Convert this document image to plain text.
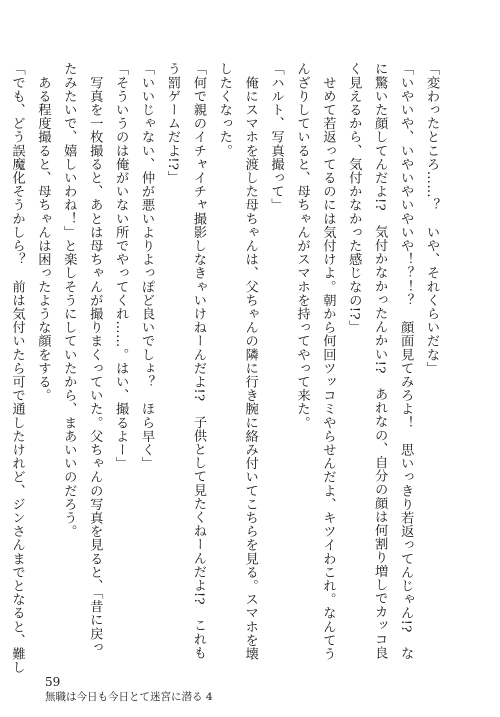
「変わったところ……？　いや、それくらいだな」
「いやいや、いやいやいやいや！？！？　顔面見てみろよ！　思いっきり若返ってんじゃん!?　な
に驚いた顔してんだよ!?　気付かなかったんかい!?　あれなの、自分の顔は何割り増しでカッコ良
く見えるから、気付かなかった感じなの!?」
　せめて若返ってるのには気付けよ。朝から何回ツッコミやらせんだよ、キツイわこれ。なんてう
んざりしていると、母ちゃんがスマホを持ってやって来た。
「ハルト、写真撮って」
　俺にスマホを渡した母ちゃんは、父ちゃんの隣に行き腕に絡み付いてこちらを見る。スマホを壊
したくなった。
「何で親のイチャイチャ撮影しなきゃいけねーんだよ!?　子供として見たくねーんだよ!?　これも
う罰ゲームだよ!?」
「いいじゃない、仲が悪いよりよっぽど良いでしょ？　ほら早く」
「そういうのは俺がいない所でやってくれ……。はい、撮るよー」
　写真を一枚撮ると、あとは母ちゃんが撮りまくっていた。父ちゃんの写真を見ると、「昔に戻っ
たみたいで、嬉しいわね！」と楽しそうにしていたから、まあいいのだろう。
　ある程度撮ると、母ちゃんは困ったような顔をする。
「でも、どう誤魔化そうかしら？　前は気付いたら可で通したけれど、ジンさんまでとなると、難し

59
無職は今日も今日とて迷宮に潜る 4
